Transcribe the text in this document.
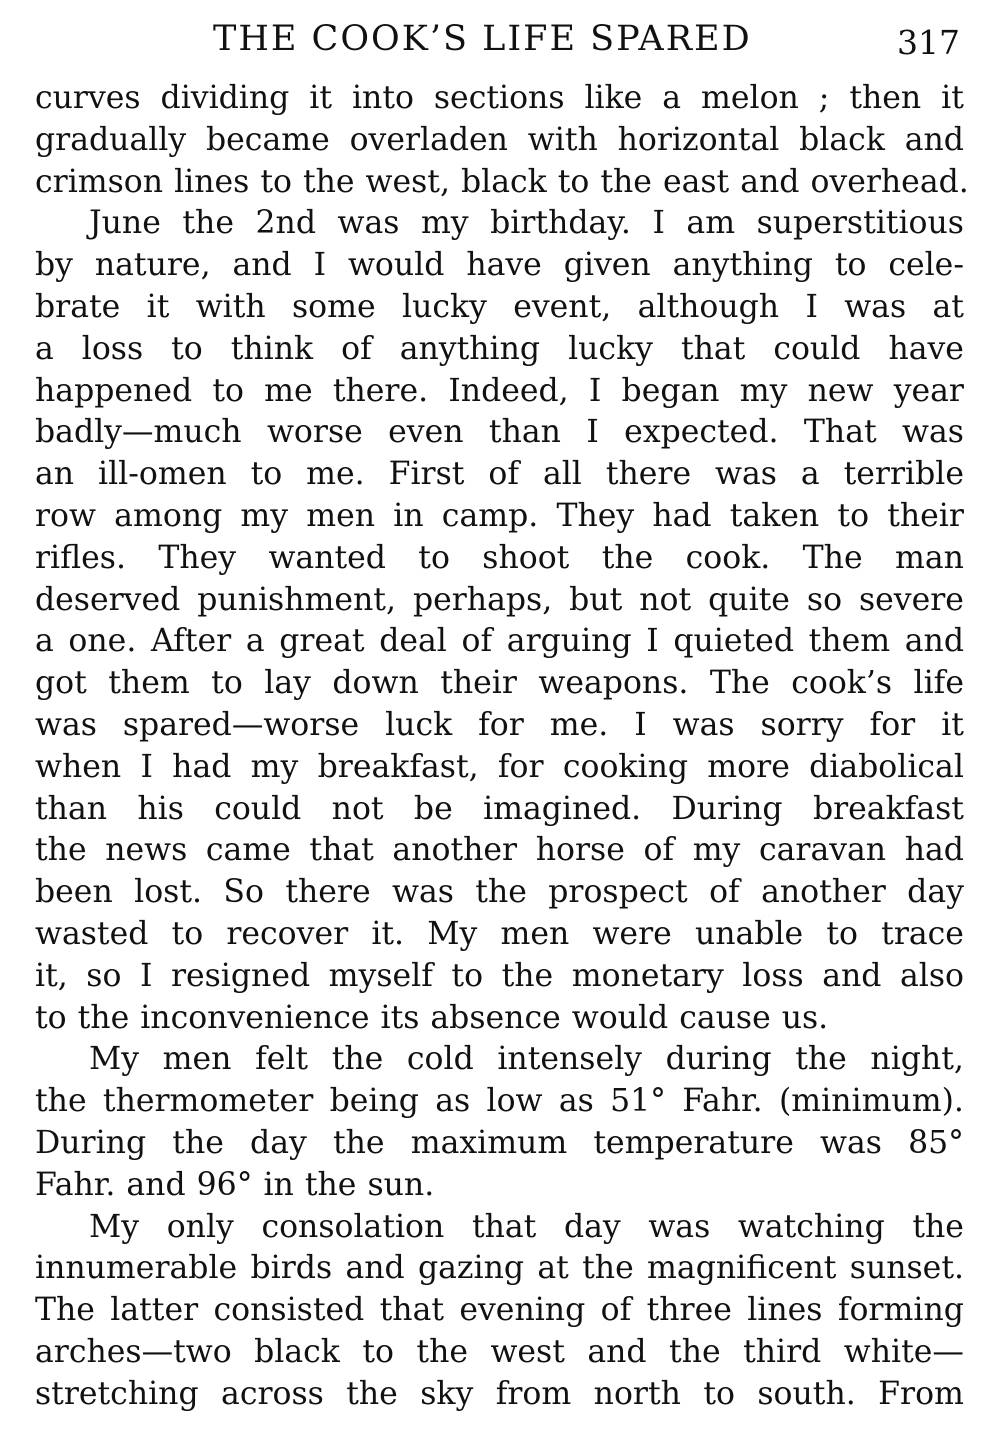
THE COOK’S LIFE SPARED	317
curves dividing it into sections like a melon ; then it
gradually became overladen with horizontal black and
crimson lines to the west, black to the east and overhead.
June the 2nd was my birthday. I am superstitious
by nature, and I would have given anything to cele-
brate it with some lucky event, although I was at
a loss to think of anything lucky that could have
happened to me there. Indeed, I began my new year
badly—much worse even than I expected. That was
an ill-omen to me. First of all there was a terrible
row among my men in camp. They had taken to their
rifles. They wanted to shoot the cook. The man
deserved punishment, perhaps, but not quite so severe
a one. After a great deal of arguing I quieted them and
got them to lay down their weapons. The cook’s life
was spared—worse luck for me. I was sorry for it
when I had my breakfast, for cooking more diabolical
than his could not be imagined. During breakfast
the news came that another horse of my caravan had
been lost. So there was the prospect of another day
wasted to recover it. My men were unable to trace
it, so I resigned myself to the monetary loss and also
to the inconvenience its absence would cause us.
My men felt the cold intensely during the night,
the thermometer being as low as 51° Fahr. (minimum).
During the day the maximum temperature was 85°
Fahr. and 96° in the sun.
My only consolation that day was watching the
innumerable birds and gazing at the magnificent sunset.
The latter consisted that evening of three lines forming
arches—two black to the west and the third white—
stretching across the sky from north to south. From
